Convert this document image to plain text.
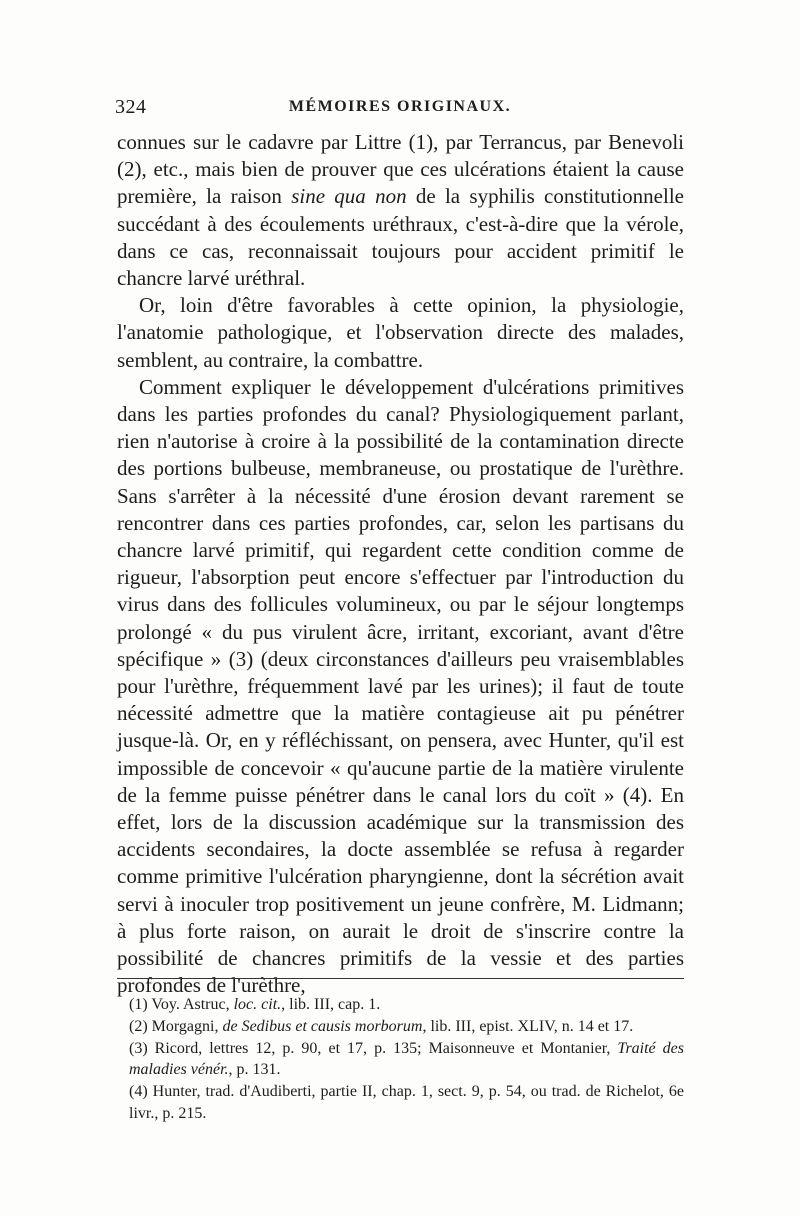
324	MÉMOIRES ORIGINAUX.

connues sur le cadavre par Littre (1), par Terrancus, par Benevoli (2), etc., mais bien de prouver que ces ulcérations étaient la cause première, la raison sine qua non de la syphilis constitutionnelle succédant à des écoulements uréthraux, c'est-à-dire que la vérole, dans ce cas, reconnaissait toujours pour accident primitif le chancre larvé uréthral.

Or, loin d'être favorables à cette opinion, la physiologie, l'anatomie pathologique, et l'observation directe des malades, semblent, au contraire, la combattre.

Comment expliquer le développement d'ulcérations primitives dans les parties profondes du canal? Physiologiquement parlant, rien n'autorise à croire à la possibilité de la contamination directe des portions bulbeuse, membraneuse, ou prostatique de l'urèthre. Sans s'arrêter à la nécessité d'une érosion devant rarement se rencontrer dans ces parties profondes, car, selon les partisans du chancre larvé primitif, qui regardent cette condition comme de rigueur, l'absorption peut encore s'effectuer par l'introduction du virus dans des follicules volumineux, ou par le séjour longtemps prolongé « du pus virulent âcre, irritant, excoriant, avant d'être spécifique » (3) (deux circonstances d'ailleurs peu vraisemblables pour l'urèthre, fréquemment lavé par les urines); il faut de toute nécessité admettre que la matière contagieuse ait pu pénétrer jusque-là. Or, en y réfléchissant, on pensera, avec Hunter, qu'il est impossible de concevoir « qu'aucune partie de la matière virulente de la femme puisse pénétrer dans le canal lors du coït » (4). En effet, lors de la discussion académique sur la transmission des accidents secondaires, la docte assemblée se refusa à regarder comme primitive l'ulcération pharyngienne, dont la sécrétion avait servi à inoculer trop positivement un jeune confrère, M. Lidmann; à plus forte raison, on aurait le droit de s'inscrire contre la possibilité de chancres primitifs de la vessie et des parties profondes de l'urèthre,

(1) Voy. Astruc, loc. cit., lib. III, cap. 1.

(2) Morgagni, de Sedibus et causis morborum, lib. III, epist. XLIV, n. 14 et 17.

(3) Ricord, lettres 12, p. 90, et 17, p. 135; Maisonneuve et Montanier, Traité des maladies vénér., p. 131.

(4) Hunter, trad. d'Audiberti, partie II, chap. 1, sect. 9, p. 54, ou trad. de Richelot, 6e livr., p. 215.
